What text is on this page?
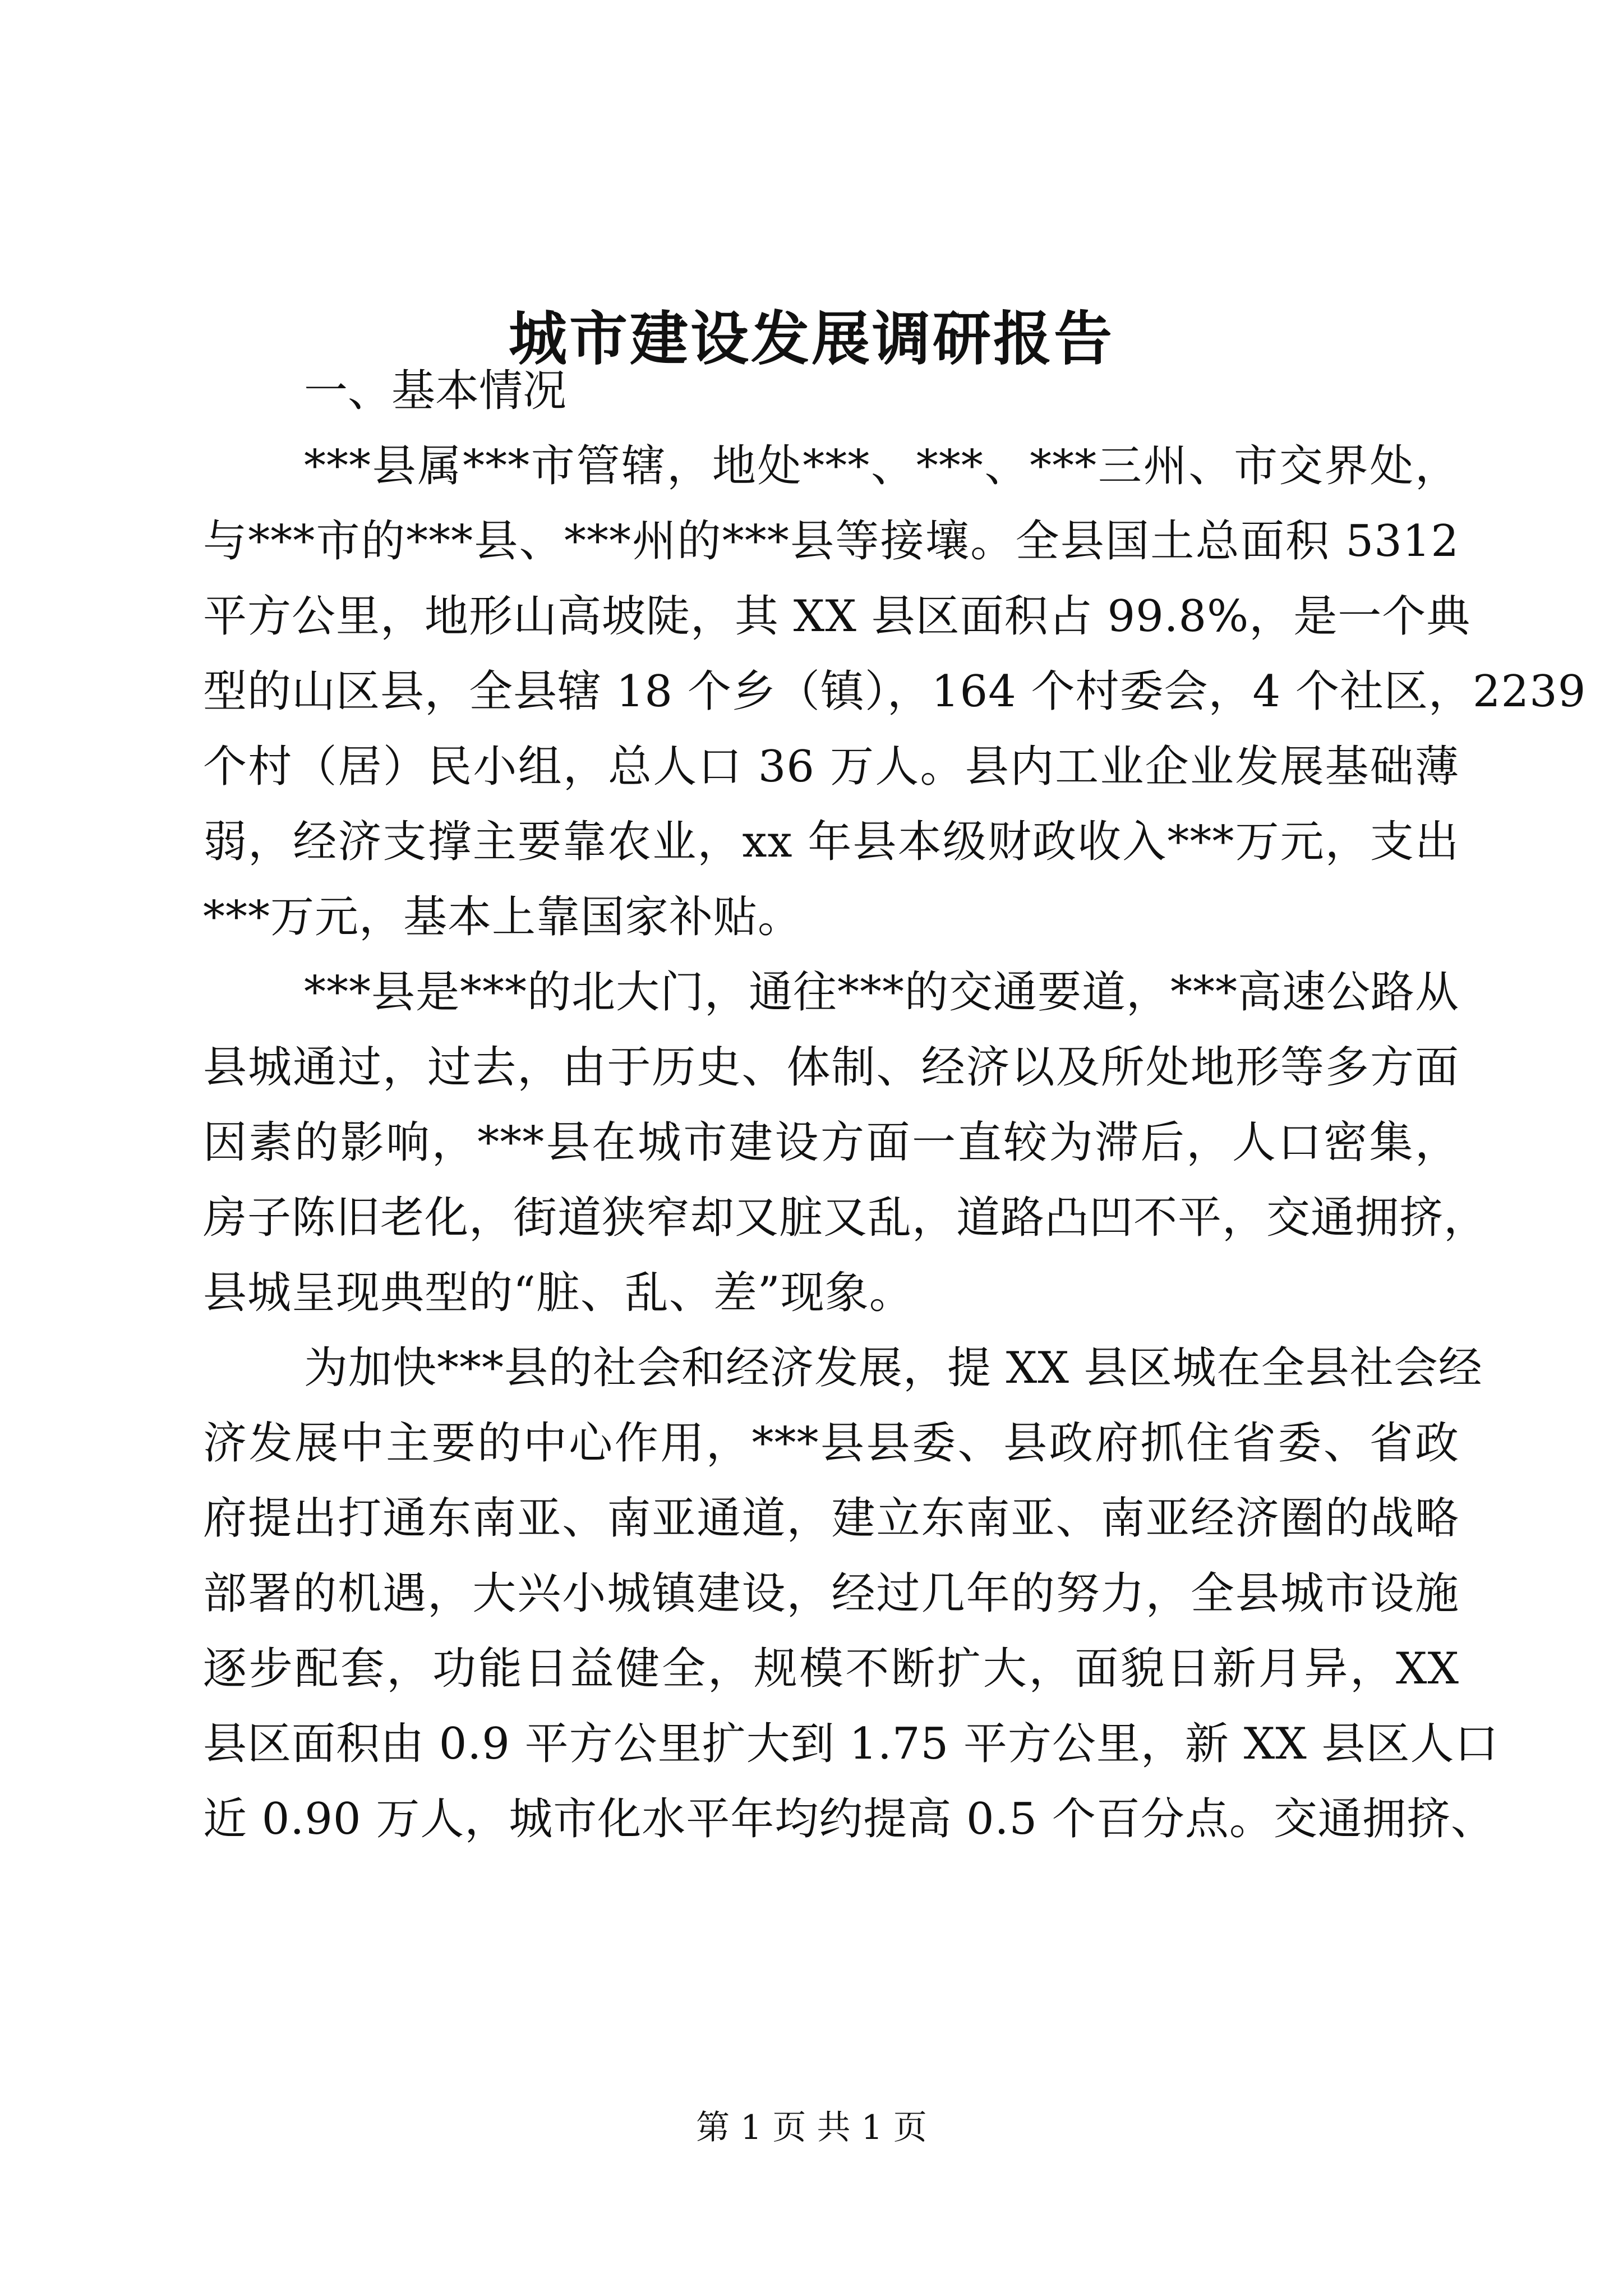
城市建设发展调研报告

一、基本情况

***县属***市管辖，地处***、***、***三州、市交界处，
与***市的***县、***州的***县等接壤。全县国土总面积 5312
平方公里，地形山高坡陡，其 XX 县区面积占 99.8%，是一个典
型的山区县，全县辖 18 个乡（镇），164 个村委会，4 个社区，2239
个村（居）民小组，总人口 36 万人。县内工业企业发展基础薄
弱，经济支撑主要靠农业，xx 年县本级财政收入***万元，支出
***万元，基本上靠国家补贴。
***县是***的北大门，通往***的交通要道，***高速公路从
县城通过，过去，由于历史、体制、经济以及所处地形等多方面
因素的影响，***县在城市建设方面一直较为滞后，人口密集，
房子陈旧老化，街道狭窄却又脏又乱，道路凸凹不平，交通拥挤，
县城呈现典型的“脏、乱、差”现象。
为加快***县的社会和经济发展，提 XX 县区城在全县社会经
济发展中主要的中心作用，***县县委、县政府抓住省委、省政
府提出打通东南亚、南亚通道，建立东南亚、南亚经济圈的战略
部署的机遇，大兴小城镇建设，经过几年的努力，全县城市设施
逐步配套，功能日益健全，规模不断扩大，面貌日新月异，XX
县区面积由 0.9 平方公里扩大到 1.75 平方公里，新 XX 县区人口
近 0.90 万人，城市化水平年均约提高 0.5 个百分点。交通拥挤、

第 1 页 共 1 页
